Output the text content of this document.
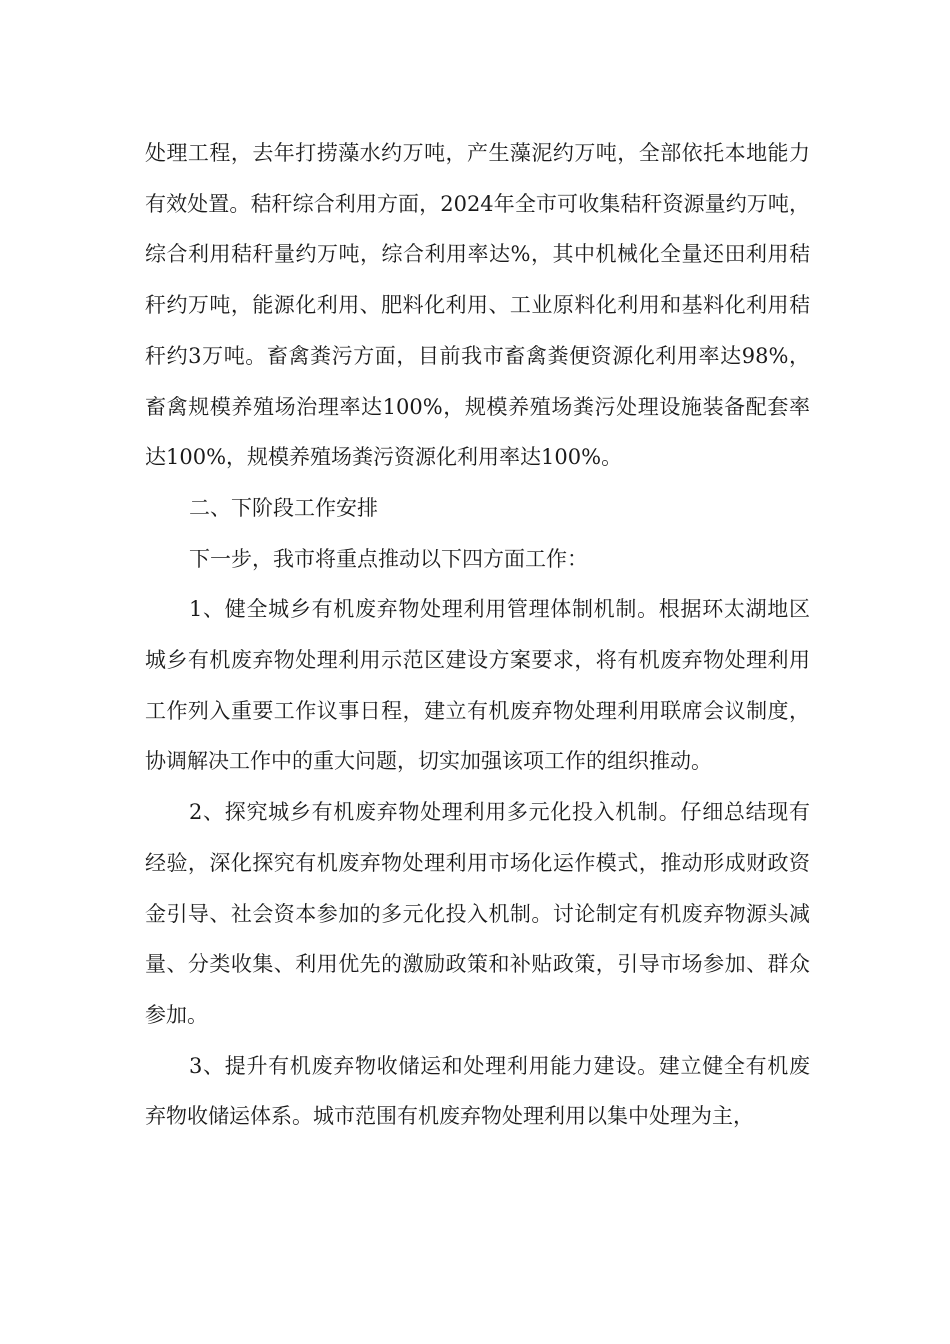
处理工程，去年打捞藻水约万吨，产生藻泥约万吨，全部依托本地能力有效处置。秸秆综合利用方面，2024年全市可收集秸秆资源量约万吨，综合利用秸秆量约万吨，综合利用率达%，其中机械化全量还田利用秸秆约万吨，能源化利用、肥料化利用、工业原料化利用和基料化利用秸秆约3万吨。畜禽粪污方面，目前我市畜禽粪便资源化利用率达98%，畜禽规模养殖场治理率达100%，规模养殖场粪污处理设施装备配套率达100%，规模养殖场粪污资源化利用率达100%。

二、下阶段工作安排

下一步，我市将重点推动以下四方面工作：

1、健全城乡有机废弃物处理利用管理体制机制。根据环太湖地区城乡有机废弃物处理利用示范区建设方案要求，将有机废弃物处理利用工作列入重要工作议事日程，建立有机废弃物处理利用联席会议制度，协调解决工作中的重大问题，切实加强该项工作的组织推动。

2、探究城乡有机废弃物处理利用多元化投入机制。仔细总结现有经验，深化探究有机废弃物处理利用市场化运作模式，推动形成财政资金引导、社会资本参加的多元化投入机制。讨论制定有机废弃物源头减量、分类收集、利用优先的激励政策和补贴政策，引导市场参加、群众参加。

3、提升有机废弃物收储运和处理利用能力建设。建立健全有机废弃物收储运体系。城市范围有机废弃物处理利用以集中处理为主，
